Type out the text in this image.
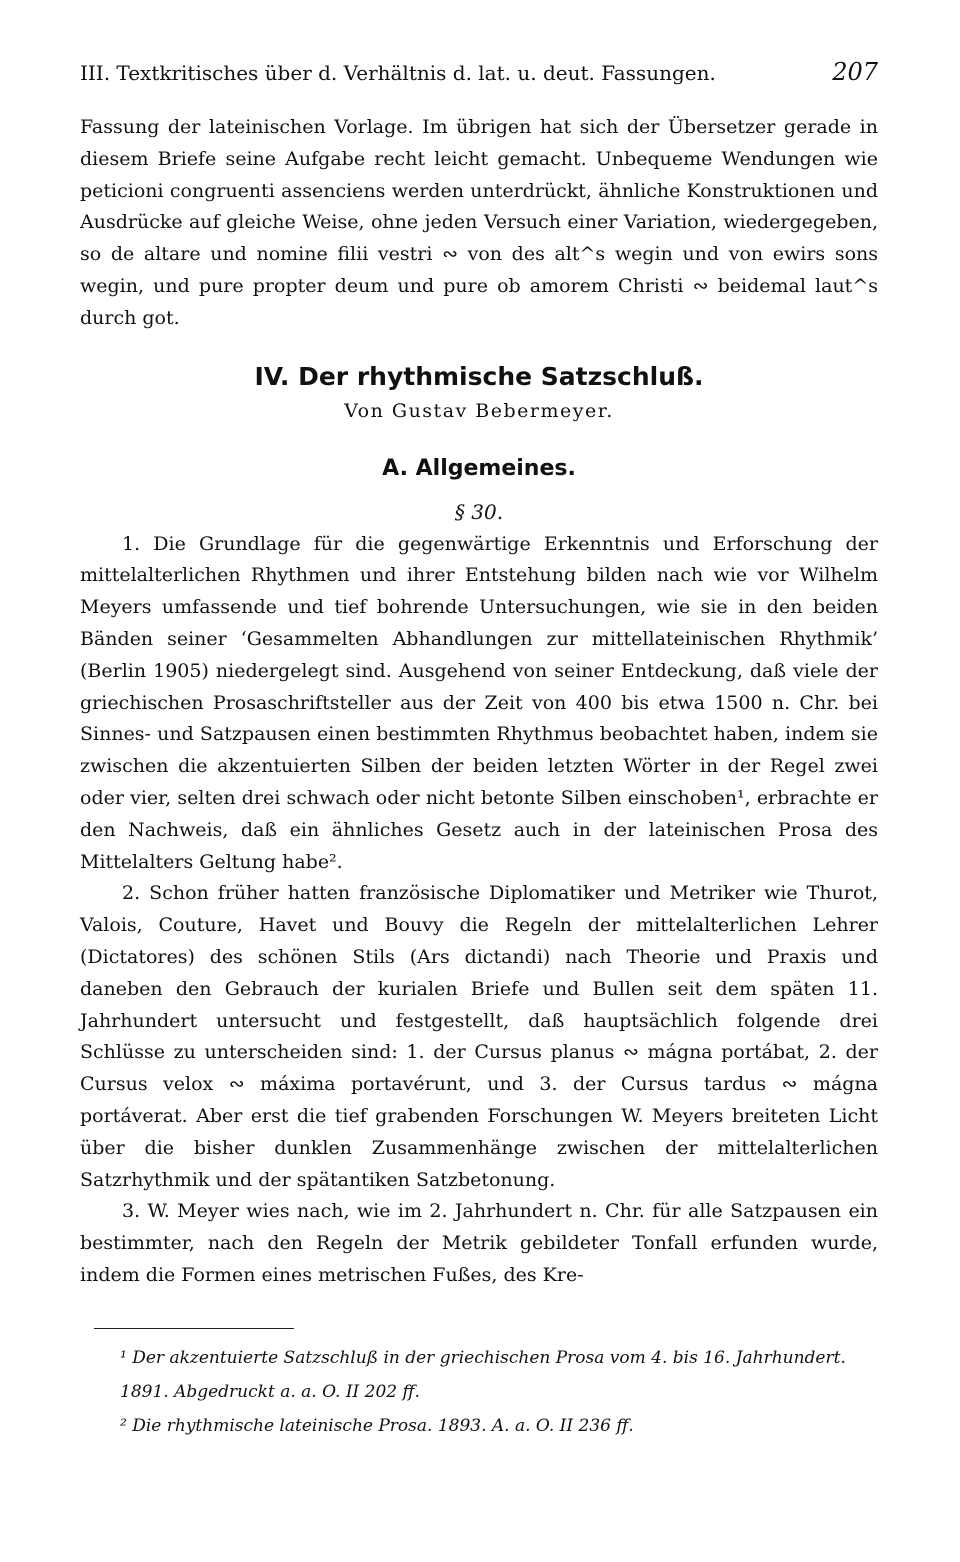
III. Textkritisches über d. Verhältnis d. lat. u. deut. Fassungen.	207

Fassung der lateinischen Vorlage. Im übrigen hat sich der Übersetzer gerade in diesem Briefe seine Aufgabe recht leicht gemacht. Unbequeme Wendungen wie peticioni congruenti assenciens werden unterdrückt, ähnliche Konstruktionen und Ausdrücke auf gleiche Weise, ohne jeden Versuch einer Variation, wiedergegeben, so de altare und nomine filii vestri ∾ von des alt^s wegin und von ewirs sons wegin, und pure propter deum und pure ob amorem Christi ∾ beidemal laut^s durch got.

IV. Der rhythmische Satzschluß.
Von Gustav Bebermeyer.
A. Allgemeines.
§ 30.

1. Die Grundlage für die gegenwärtige Erkenntnis und Erforschung der mittelalterlichen Rhythmen und ihrer Entstehung bilden nach wie vor Wilhelm Meyers umfassende und tief bohrende Untersuchungen, wie sie in den beiden Bänden seiner ‘Gesammelten Abhandlungen zur mittellateinischen Rhythmik’ (Berlin 1905) niedergelegt sind. Ausgehend von seiner Entdeckung, daß viele der griechischen Prosaschriftsteller aus der Zeit von 400 bis etwa 1500 n. Chr. bei Sinnes- und Satzpausen einen bestimmten Rhythmus beobachtet haben, indem sie zwischen die akzentuierten Silben der beiden letzten Wörter in der Regel zwei oder vier, selten drei schwach oder nicht betonte Silben einschoben¹, erbrachte er den Nachweis, daß ein ähnliches Gesetz auch in der lateinischen Prosa des Mittelalters Geltung habe².

2. Schon früher hatten französische Diplomatiker und Metriker wie Thurot, Valois, Couture, Havet und Bouvy die Regeln der mittelalterlichen Lehrer (Dictatores) des schönen Stils (Ars dictandi) nach Theorie und Praxis und daneben den Gebrauch der kurialen Briefe und Bullen seit dem späten 11. Jahrhundert untersucht und festgestellt, daß hauptsächlich folgende drei Schlüsse zu unterscheiden sind: 1. der Cursus planus ∾ mágna portábat, 2. der Cursus velox ∾ máxima portavérunt, und 3. der Cursus tardus ∾ mágna portáverat. Aber erst die tief grabenden Forschungen W. Meyers breiteten Licht über die bisher dunklen Zusammenhänge zwischen der mittelalterlichen Satzrhythmik und der spätantiken Satzbetonung.

3. W. Meyer wies nach, wie im 2. Jahrhundert n. Chr. für alle Satzpausen ein bestimmter, nach den Regeln der Metrik gebildeter Tonfall erfunden wurde, indem die Formen eines metrischen Fußes, des Kre-

¹ Der akzentuierte Satzschluß in der griechischen Prosa vom 4. bis 16. Jahrhundert. 1891. Abgedruckt a. a. O. II 202 ff.

² Die rhythmische lateinische Prosa. 1893. A. a. O. II 236 ff.
